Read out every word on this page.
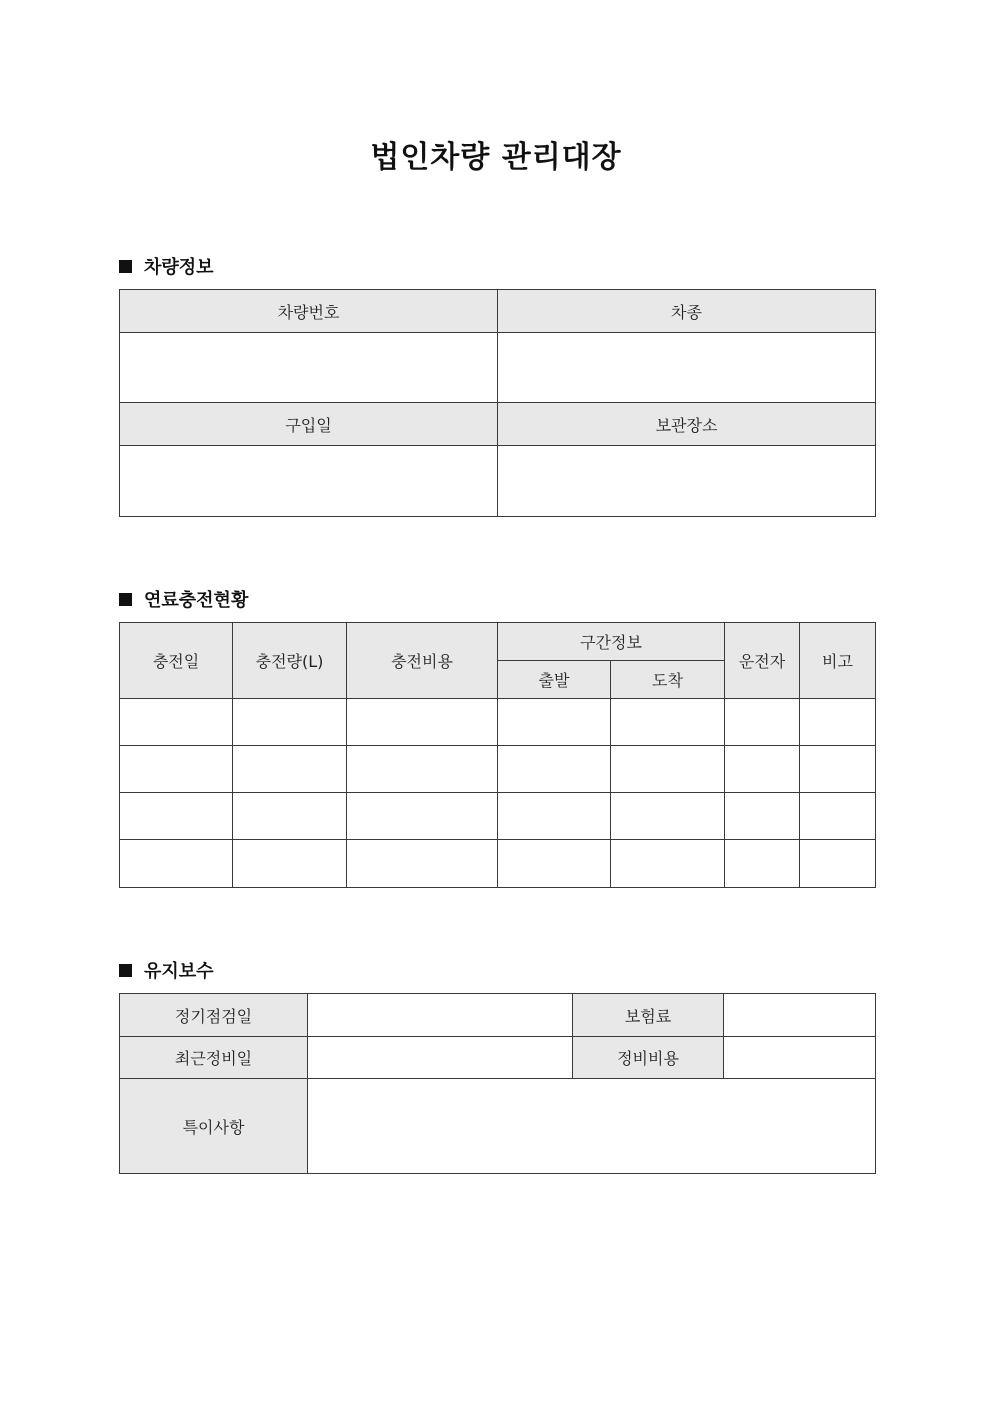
법인차량 관리대장
차량정보
차량번호	차종

구입일	보관장소

연료충전현황
충전일	충전량(L)	충전비용	구간정보		운전자	비고
			출발	도착		

유지보수
정기점검일		보험료	
최근정비일		정비비용	
특이사항			
